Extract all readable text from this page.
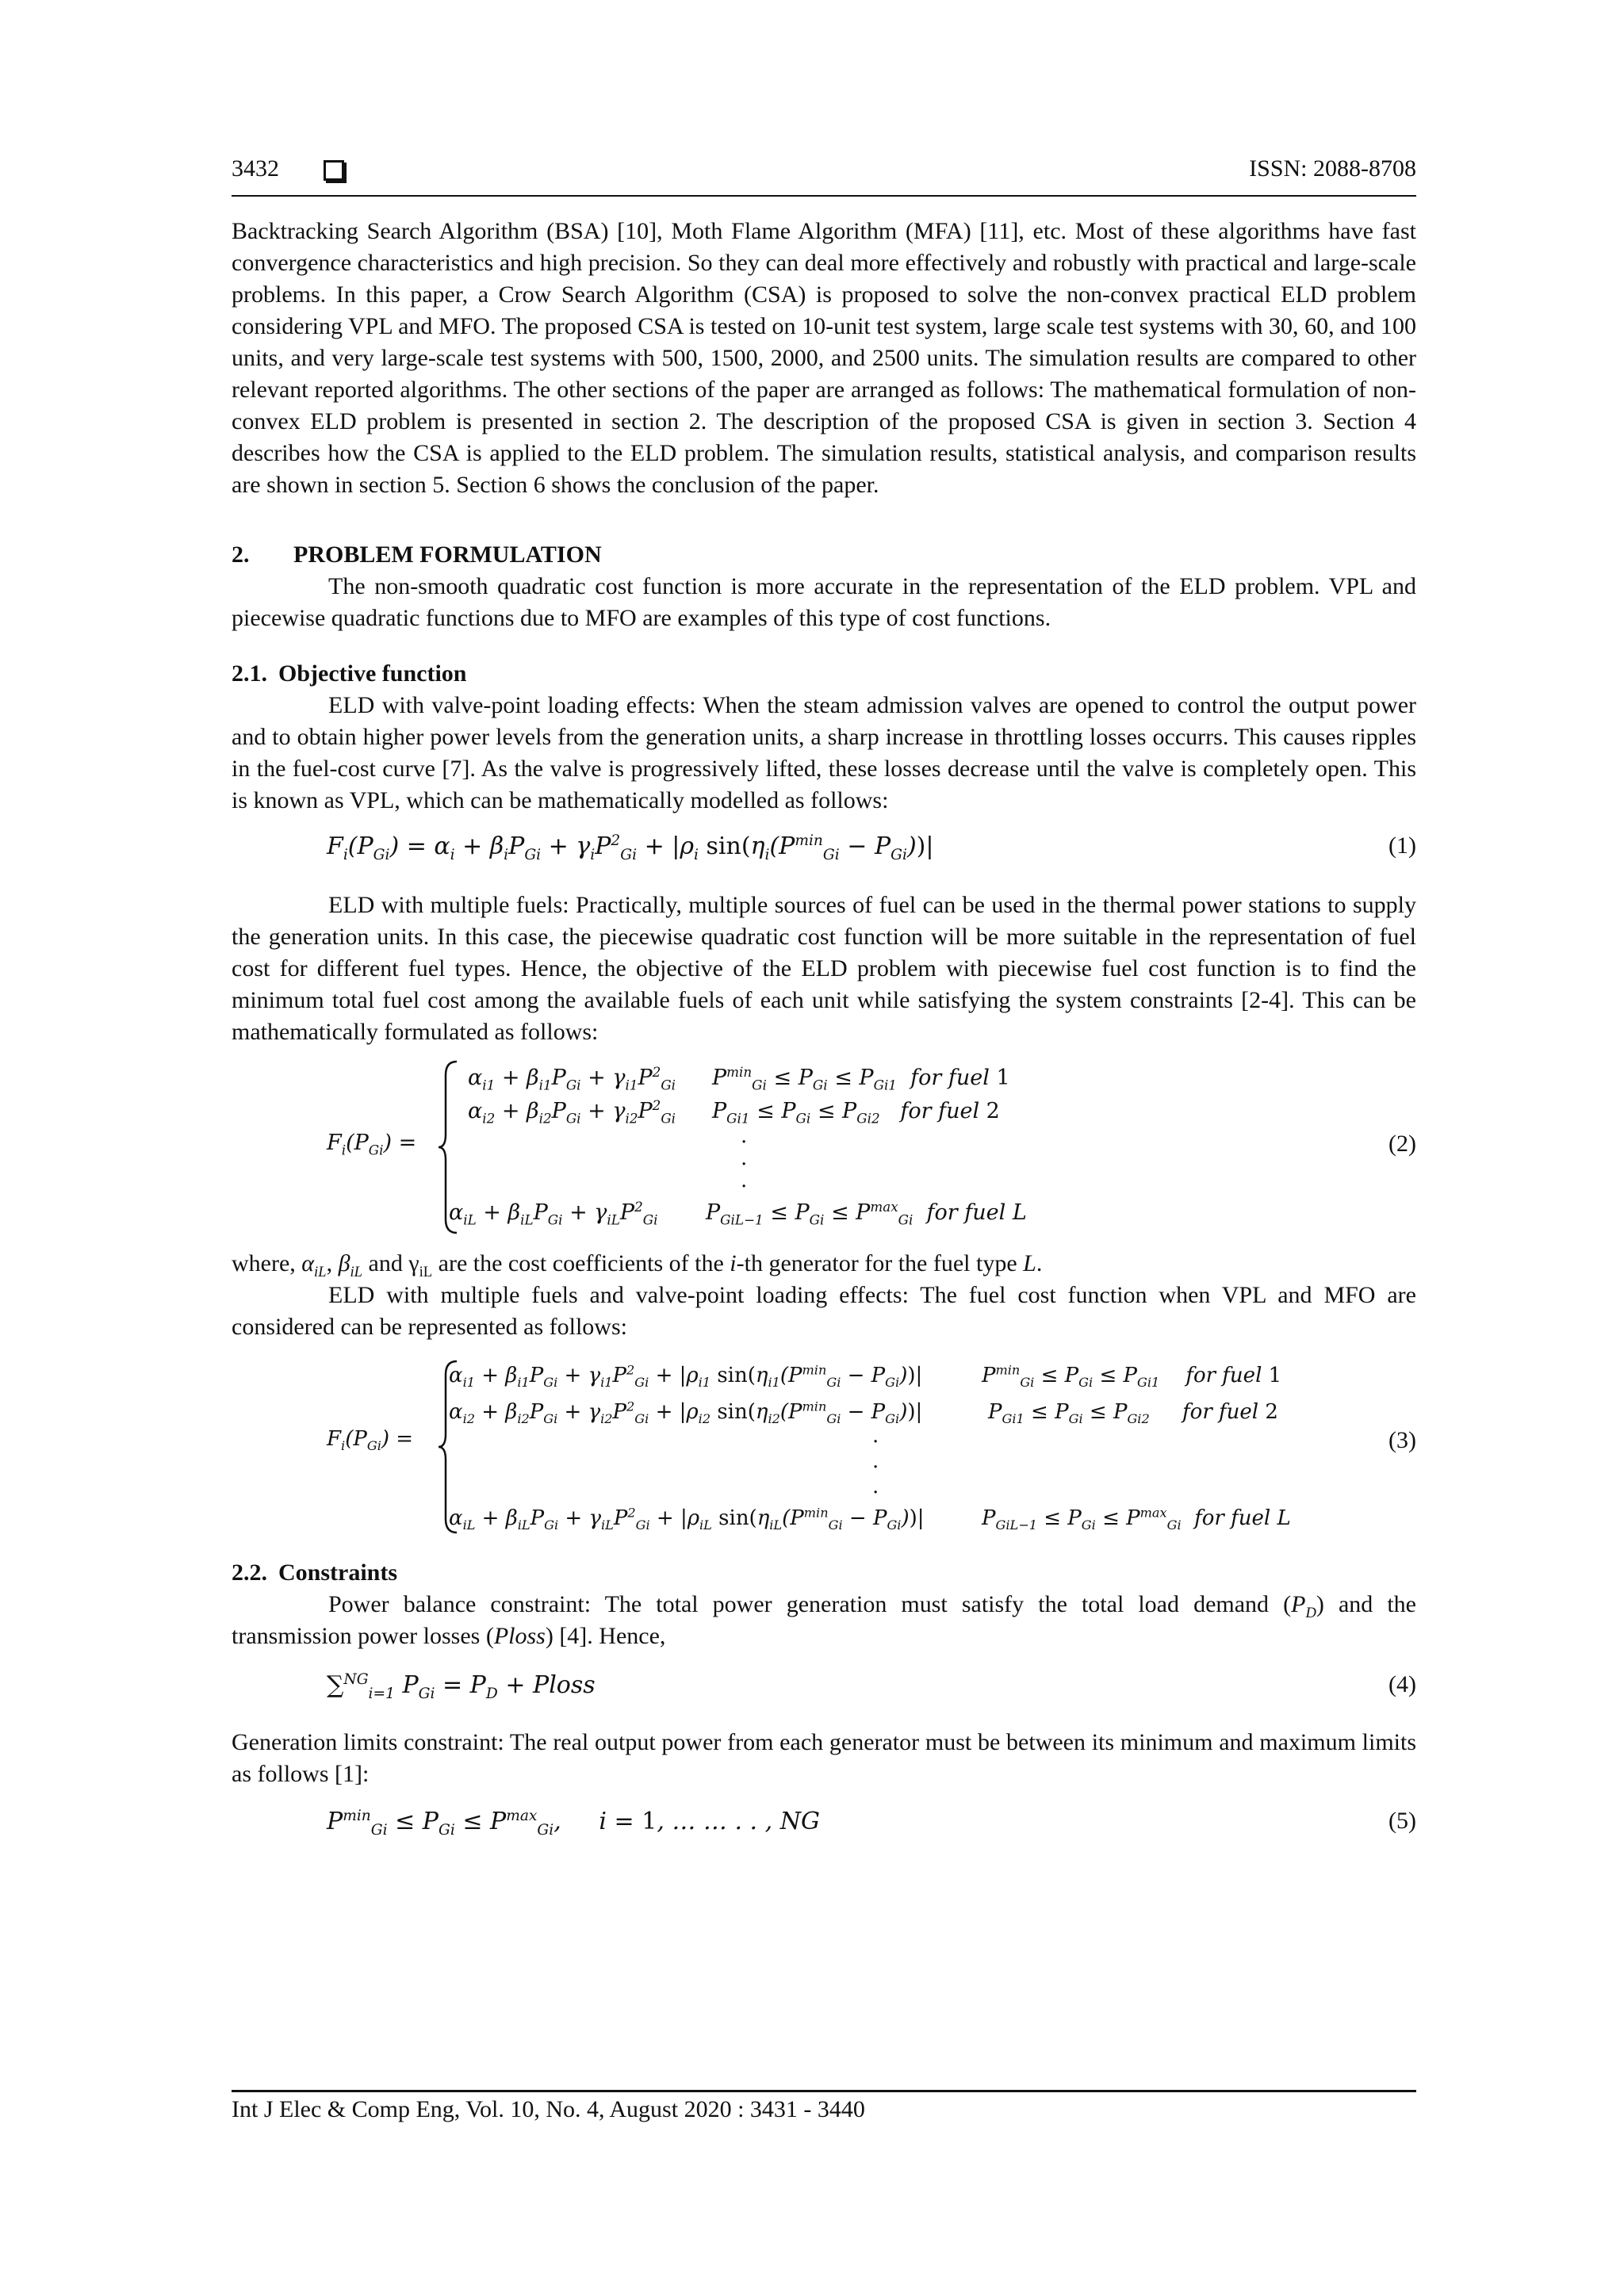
3432	ISSN: 2088-8708

Backtracking Search Algorithm (BSA) [10], Moth Flame Algorithm (MFA) [11], etc. Most of these algorithms have fast convergence characteristics and high precision. So they can deal more effectively and robustly with practical and large-scale problems. In this paper, a Crow Search Algorithm (CSA) is proposed to solve the non-convex practical ELD problem considering VPL and MFO. The proposed CSA is tested on 10-unit test system, large scale test systems with 30, 60, and 100 units, and very large-scale test systems with 500, 1500, 2000, and 2500 units. The simulation results are compared to other relevant reported algorithms. The other sections of the paper are arranged as follows: The mathematical formulation of non-convex ELD problem is presented in section 2. The description of the proposed CSA is given in section 3. Section 4 describes how the CSA is applied to the ELD problem. The simulation results, statistical analysis, and comparison results are shown in section 5. Section 6 shows the conclusion of the paper.

2.	PROBLEM FORMULATION

The non-smooth quadratic cost function is more accurate in the representation of the ELD problem. VPL and piecewise quadratic functions due to MFO are examples of this type of cost functions.

2.1. Objective function

ELD with valve-point loading effects: When the steam admission valves are opened to control the output power and to obtain higher power levels from the generation units, a sharp increase in throttling losses occurrs. This causes ripples in the fuel-cost curve [7]. As the valve is progressively lifted, these losses decrease until the valve is completely open. This is known as VPL, which can be mathematically modelled as follows:

$F_i(P_{Gi}) = \alpha_i + \beta_iP_{Gi} + \gamma_iP^2_{Gi} + |\rho_i$ $\sin(\eta_i(P^{min}_{Gi} - P_{Gi}))|$	(1)

ELD with multiple fuels: Practically, multiple sources of fuel can be used in the thermal power stations to supply the generation units. In this case, the piecewise quadratic cost function will be more suitable in the representation of fuel cost for different fuel types. Hence, the objective of the ELD problem with piecewise fuel cost function is to find the minimum total fuel cost among the available fuels of each unit while satisfying the system constraints [2-4]. This can be mathematically formulated as follows:

$F_i(P_{Gi})$ =
$\alpha_{i1} + \beta_{i1}P_{Gi} + \gamma_{i1}P^2_{Gi}$ $P^{min}_{Gi} \le P_{Gi} \le P_{Gi1}$  for fuel 1
$\alpha_{i2} + \beta_{i2}P_{Gi} + \gamma_{i2}P^2_{Gi}$ $P_{Gi1} \le P_{Gi} \le P_{Gi2}$   for fuel 2
.
.
.
$\alpha_{iL} + \beta_{iL}P_{Gi} + \gamma_{iL}P^2_{Gi}$ $P_{GiL-1} \le P_{Gi} \le P^{max}_{Gi}$  for fuel L
(2)

where, $\alpha_{iL}$, $\beta_{iL}$ and $\gamma_{iL}$ are the cost coefficients of the i-th generator for the fuel type L.

ELD with multiple fuels and valve-point loading effects: The fuel cost function when VPL and MFO are considered can be represented as follows:

$F_i(P_{Gi})$ =
$\alpha_{i1} + \beta_{i1}P_{Gi} + \gamma_{i1}P^2_{Gi} + |\rho_{i1}$ $\sin(\eta_{i1}(P^{min}_{Gi} - P_{Gi}))|$	$P^{min}_{Gi} \le P_{Gi} \le P_{Gi1}$    for fuel 1
$\alpha_{i2} + \beta_{i2}P_{Gi} + \gamma_{i2}P^2_{Gi} + |\rho_{i2}$ $\sin(\eta_{i2}(P^{min}_{Gi} - P_{Gi}))|$	$P_{Gi1} \le P_{Gi} \le P_{Gi2}$     for fuel 2
.
.
.
$\alpha_{iL} + \beta_{iL}P_{Gi} + \gamma_{iL}P^2_{Gi} + |\rho_{iL}$ $\sin(\eta_{iL}(P^{min}_{Gi} - P_{Gi}))|$	$P_{GiL-1} \le P_{Gi} \le P^{max}_{Gi}$  for fuel L
(3)
2.2. Constraints

Power balance constraint: The total power generation must satisfy the total load demand $(P_D)$ and the transmission power losses (Ploss) [4]. Hence,

∑$^{NG}_{i=1}$ $P_{Gi} = P_D$ + Ploss	(4)

Generation limits constraint: The real output power from each generator must be between its minimum and maximum limits as follows [1]:

$P^{min}_{Gi} \le P_{Gi} \le P^{max}_{Gi}$,     i = 1, … … . . , NG	(5)
Int J Elec & Comp Eng, Vol. 10, No. 4, August 2020 : 3431 - 3440
